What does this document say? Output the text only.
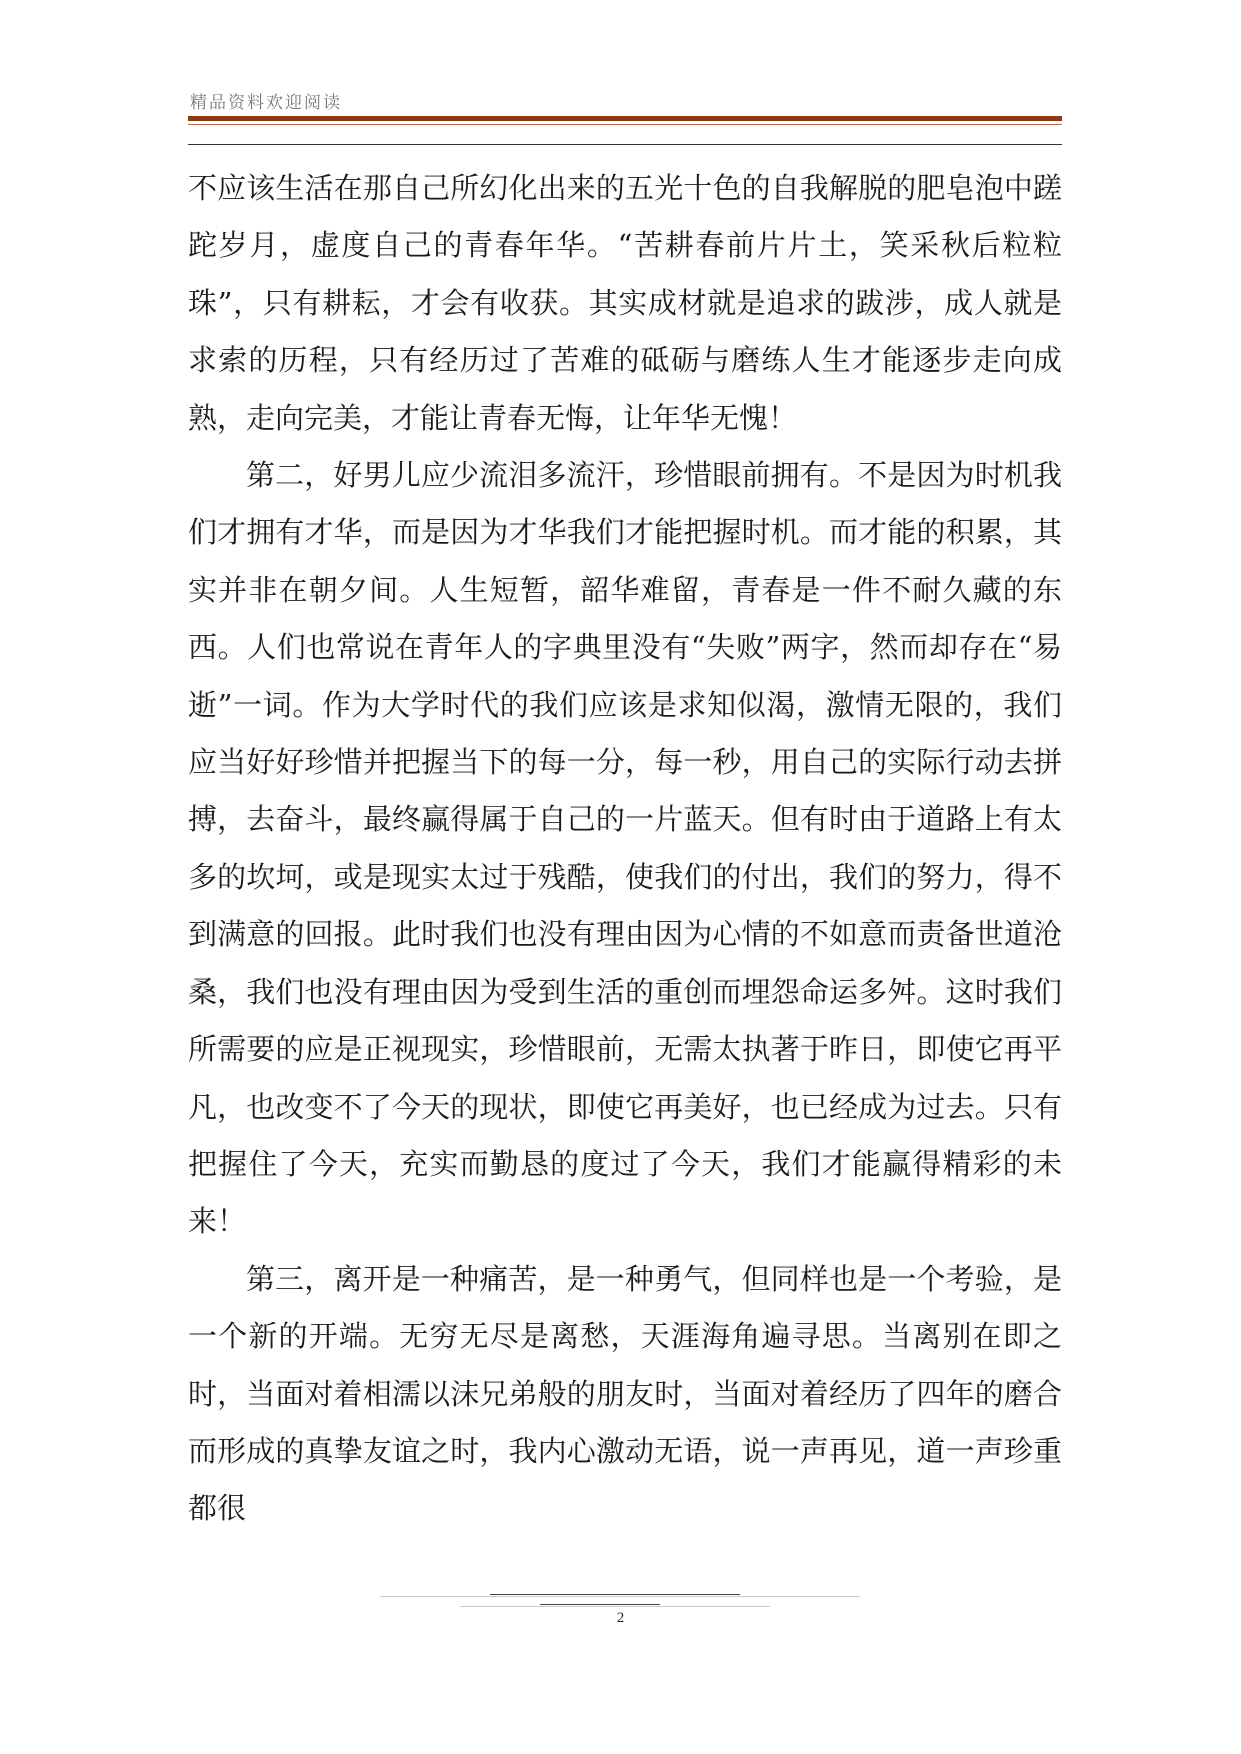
精品资料欢迎阅读

不应该生活在那自己所幻化出来的五光十色的自我解脱的肥皂泡中蹉跎岁月，虚度自己的青春年华。“苦耕春前片片土，笑采秋后粒粒珠”，只有耕耘，才会有收获。其实成材就是追求的跋涉，成人就是求索的历程，只有经历过了苦难的砥砺与磨练人生才能逐步走向成熟，走向完美，才能让青春无悔，让年华无愧！

第二，好男儿应少流泪多流汗，珍惜眼前拥有。不是因为时机我们才拥有才华，而是因为才华我们才能把握时机。而才能的积累，其实并非在朝夕间。人生短暂，韶华难留，青春是一件不耐久藏的东西。人们也常说在青年人的字典里没有“失败”两字，然而却存在“易逝”一词。作为大学时代的我们应该是求知似渴，激情无限的，我们应当好好珍惜并把握当下的每一分，每一秒，用自己的实际行动去拼搏，去奋斗，最终赢得属于自己的一片蓝天。但有时由于道路上有太多的坎坷，或是现实太过于残酷，使我们的付出，我们的努力，得不到满意的回报。此时我们也没有理由因为心情的不如意而责备世道沧桑，我们也没有理由因为受到生活的重创而埋怨命运多舛。这时我们所需要的应是正视现实，珍惜眼前，无需太执著于昨日，即使它再平凡，也改变不了今天的现状，即使它再美好，也已经成为过去。只有把握住了今天，充实而勤恳的度过了今天，我们才能赢得精彩的未来！

第三，离开是一种痛苦，是一种勇气，但同样也是一个考验，是一个新的开端。无穷无尽是离愁，天涯海角遍寻思。当离别在即之时，当面对着相濡以沫兄弟般的朋友时，当面对着经历了四年的磨合而形成的真挚友谊之时，我内心激动无语，说一声再见，道一声珍重都很

2
